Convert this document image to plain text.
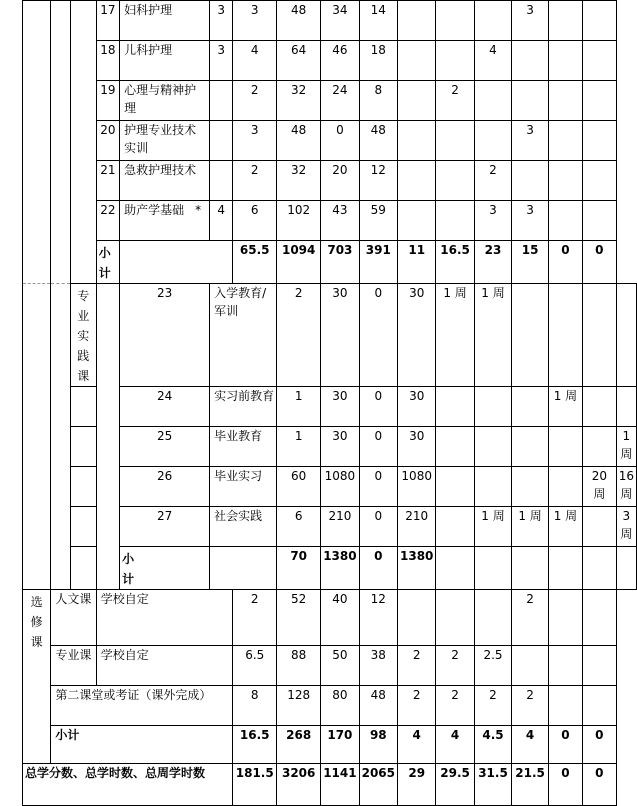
			17	妇科护理	3	3	48	34	14				3			
			18	儿科护理	3	4	64	46	18			4				
			19	心理与精神护理		2	32	24	8		2					
			20	护理专业技术实训		3	48	0	48				3			
			21	急救护理技术		2	32	20	12			2				
			22	助产学基础 *	4	6	102	43	59			3	3			
			小计			65.5	1094	703	391	11	16.5	23	15	0	0	
		专业实践课		23	入学教育/军训		2	30	0	30	1 周	1 周				
				24	实习前教育		1	30	0	30				1 周		
				25	毕业教育		1	30	0	30						1 周
				26	毕业实习		60	1080	0	1080					20 周	16 周
				27	社会实践		6	210	0	210		1 周	1 周	1 周		3 周
				小计			70	1380	0	1380						
选修课	人文课		学校自定			2	52	40	12				2			
	专业课		学校自定			6.5	88	50	38	2	2	2.5				
	第二课堂或考证（课外完成）					8	128	80	48	2	2	2	2			
	小计					16.5	268	170	98	4	4	4.5	4	0	0	
总学分数、总学时数、总周学时数						181.5	3206	1141	2065	29	29.5	31.5	21.5	0	0	
